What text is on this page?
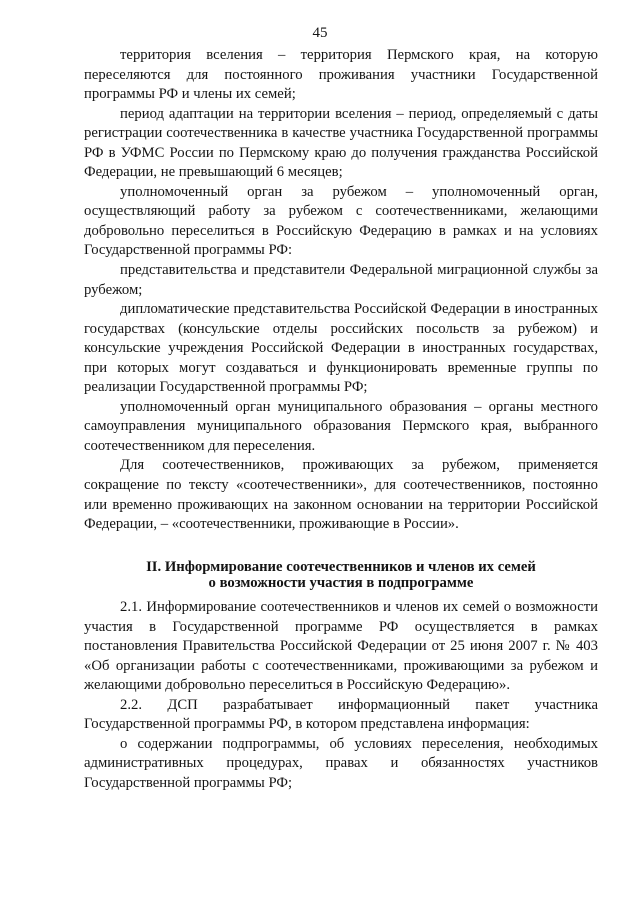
45

территория вселения – территория Пермского края, на которую переселяются для постоянного проживания участники Государственной программы РФ и члены их семей;

период адаптации на территории вселения – период, определяемый с даты регистрации соотечественника в качестве участника Государственной программы РФ в УФМС России по Пермскому краю до получения гражданства Российской Федерации, не превышающий 6 месяцев;

уполномоченный орган за рубежом – уполномоченный орган, осуществляющий работу за рубежом с соотечественниками, желающими добровольно переселиться в Российскую Федерацию в рамках и на условиях Государственной программы РФ:

представительства и представители Федеральной миграционной службы за рубежом;

дипломатические представительства Российской Федерации в иностранных государствах (консульские отделы российских посольств за рубежом) и консульские учреждения Российской Федерации в иностранных государствах, при которых могут создаваться и функционировать временные группы по реализации Государственной программы РФ;

уполномоченный орган муниципального образования – органы местного самоуправления муниципального образования Пермского края, выбранного соотечественником для переселения.

Для соотечественников, проживающих за рубежом, применяется сокращение по тексту «соотечественники», для соотечественников, постоянно или временно проживающих на законном основании на территории Российской Федерации, – «соотечественники, проживающие в России».

II. Информирование соотечественников и членов их семей
о возможности участия в подпрограмме

2.1. Информирование соотечественников и членов их семей о возможности участия в Государственной программе РФ осуществляется в рамках постановления Правительства Российской Федерации от 25 июня 2007 г. № 403 «Об организации работы с соотечественниками, проживающими за рубежом и желающими добровольно переселиться в Российскую Федерацию».

2.2. ДСП разрабатывает информационный пакет участника Государственной программы РФ, в котором представлена информация:

о содержании подпрограммы, об условиях переселения, необходимых административных процедурах, правах и обязанностях участников Государственной программы РФ;
